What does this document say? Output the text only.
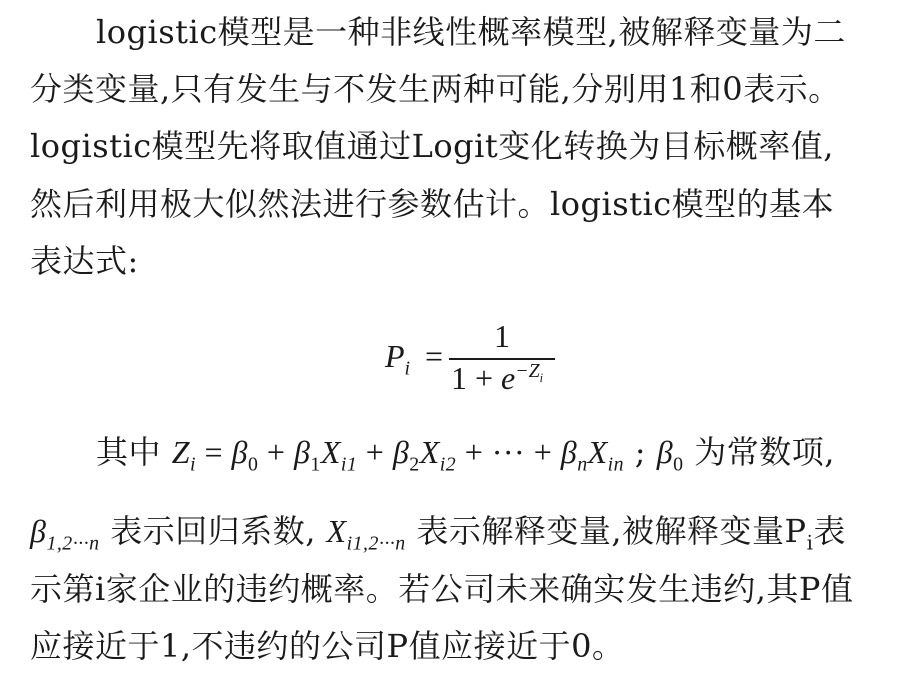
logistic模型是一种非线性概率模型,被解释变量为二
分类变量,只有发生与不发生两种可能,分别用1和0表示。
logistic模型先将取值通过Logit变化转换为目标概率值,
然后利用极大似然法进行参数估计。logistic模型的基本
表达式:
$P_i$ =
1
$1 + e^{-Z_i}$
其中 $Z_i = \beta_0 + \beta_1X_{i1} + \beta_2X_{i2}$ + ··· + $\beta_nX_{in}$ ; $\beta_0$ 为常数项,
$\beta_{1,2\cdot\cdot\cdot n}$ 表示回归系数, $X_{i1,2\cdot\cdot\cdot n}$ 表示解释变量,被解释变量$P_i$表
示第i家企业的违约概率。若公司未来确实发生违约,其P值
应接近于1,不违约的公司P值应接近于0。
